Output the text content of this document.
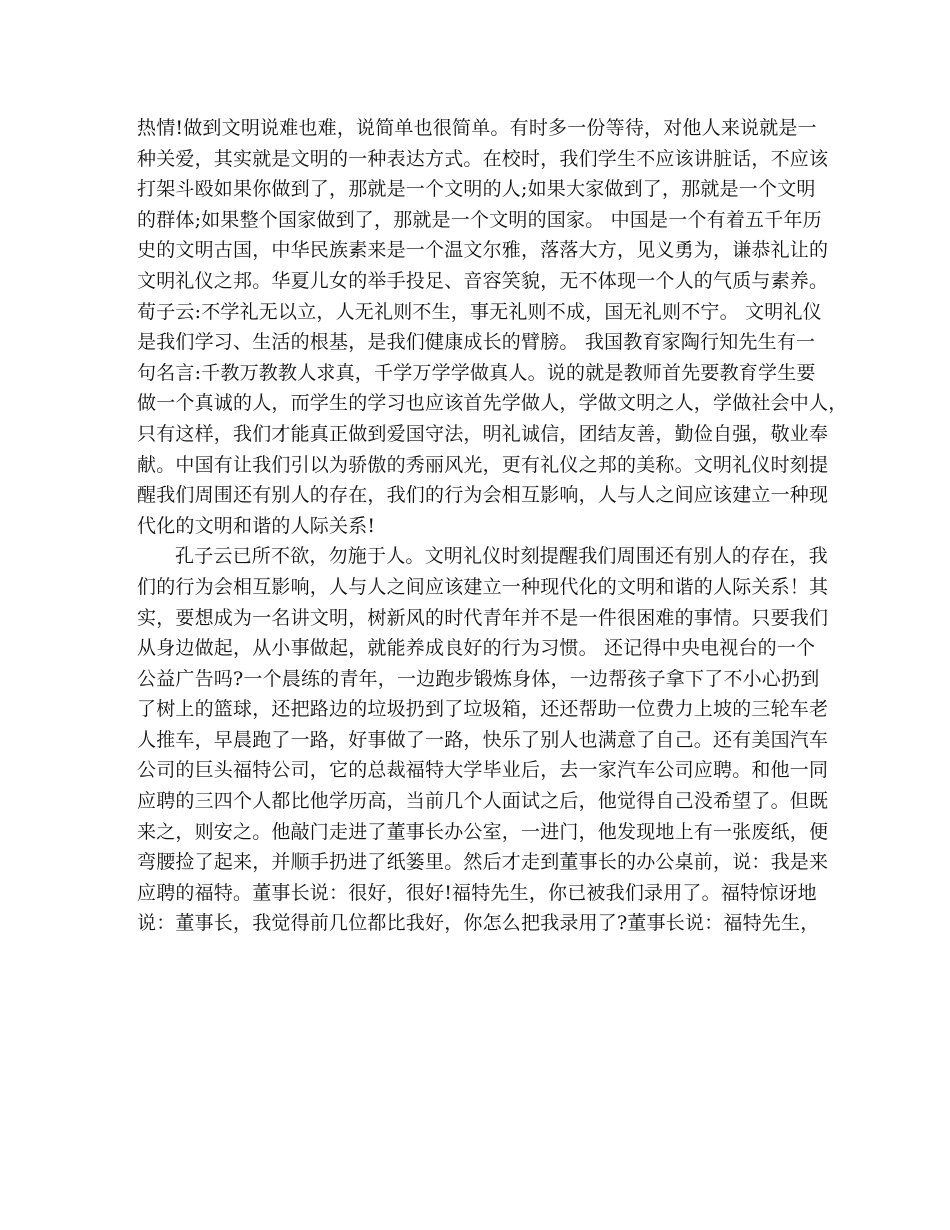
热情!做到文明说难也难，说简单也很简单。有时多一份等待，对他人来说就是一
种关爱，其实就是文明的一种表达方式。在校时，我们学生不应该讲脏话，不应该
打架斗殴如果你做到了，那就是一个文明的人;如果大家做到了，那就是一个文明
的群体;如果整个国家做到了，那就是一个文明的国家。 中国是一个有着五千年历
史的文明古国，中华民族素来是一个温文尔雅，落落大方，见义勇为，谦恭礼让的
文明礼仪之邦。华夏儿女的举手投足、音容笑貌，无不体现一个人的气质与素养。
荀子云:不学礼无以立，人无礼则不生，事无礼则不成，国无礼则不宁。 文明礼仪
是我们学习、生活的根基，是我们健康成长的臂膀。 我国教育家陶行知先生有一
句名言:千教万教教人求真，千学万学学做真人。说的就是教师首先要教育学生要
做一个真诚的人，而学生的学习也应该首先学做人，学做文明之人，学做社会中人，
只有这样，我们才能真正做到爱国守法，明礼诚信，团结友善，勤俭自强，敬业奉
献。中国有让我们引以为骄傲的秀丽风光，更有礼仪之邦的美称。文明礼仪时刻提
醒我们周围还有别人的存在，我们的行为会相互影响，人与人之间应该建立一种现
代化的文明和谐的人际关系!
孔子云已所不欲，勿施于人。文明礼仪时刻提醒我们周围还有别人的存在，我
们的行为会相互影响，人与人之间应该建立一种现代化的文明和谐的人际关系！其
实，要想成为一名讲文明，树新风的时代青年并不是一件很困难的事情。只要我们
从身边做起，从小事做起，就能养成良好的行为习惯。 还记得中央电视台的一个
公益广告吗?一个晨练的青年，一边跑步锻炼身体，一边帮孩子拿下了不小心扔到
了树上的篮球，还把路边的垃圾扔到了垃圾箱，还还帮助一位费力上坡的三轮车老
人推车，早晨跑了一路，好事做了一路，快乐了别人也满意了自己。还有美国汽车
公司的巨头福特公司，它的总裁福特大学毕业后，去一家汽车公司应聘。和他一同
应聘的三四个人都比他学历高，当前几个人面试之后，他觉得自己没希望了。但既
来之，则安之。他敲门走进了董事长办公室，一进门，他发现地上有一张废纸，便
弯腰捡了起来，并顺手扔进了纸篓里。然后才走到董事长的办公桌前，说：我是来
应聘的福特。董事长说：很好，很好!福特先生，你已被我们录用了。福特惊讶地
说：董事长，我觉得前几位都比我好，你怎么把我录用了?董事长说：福特先生，
